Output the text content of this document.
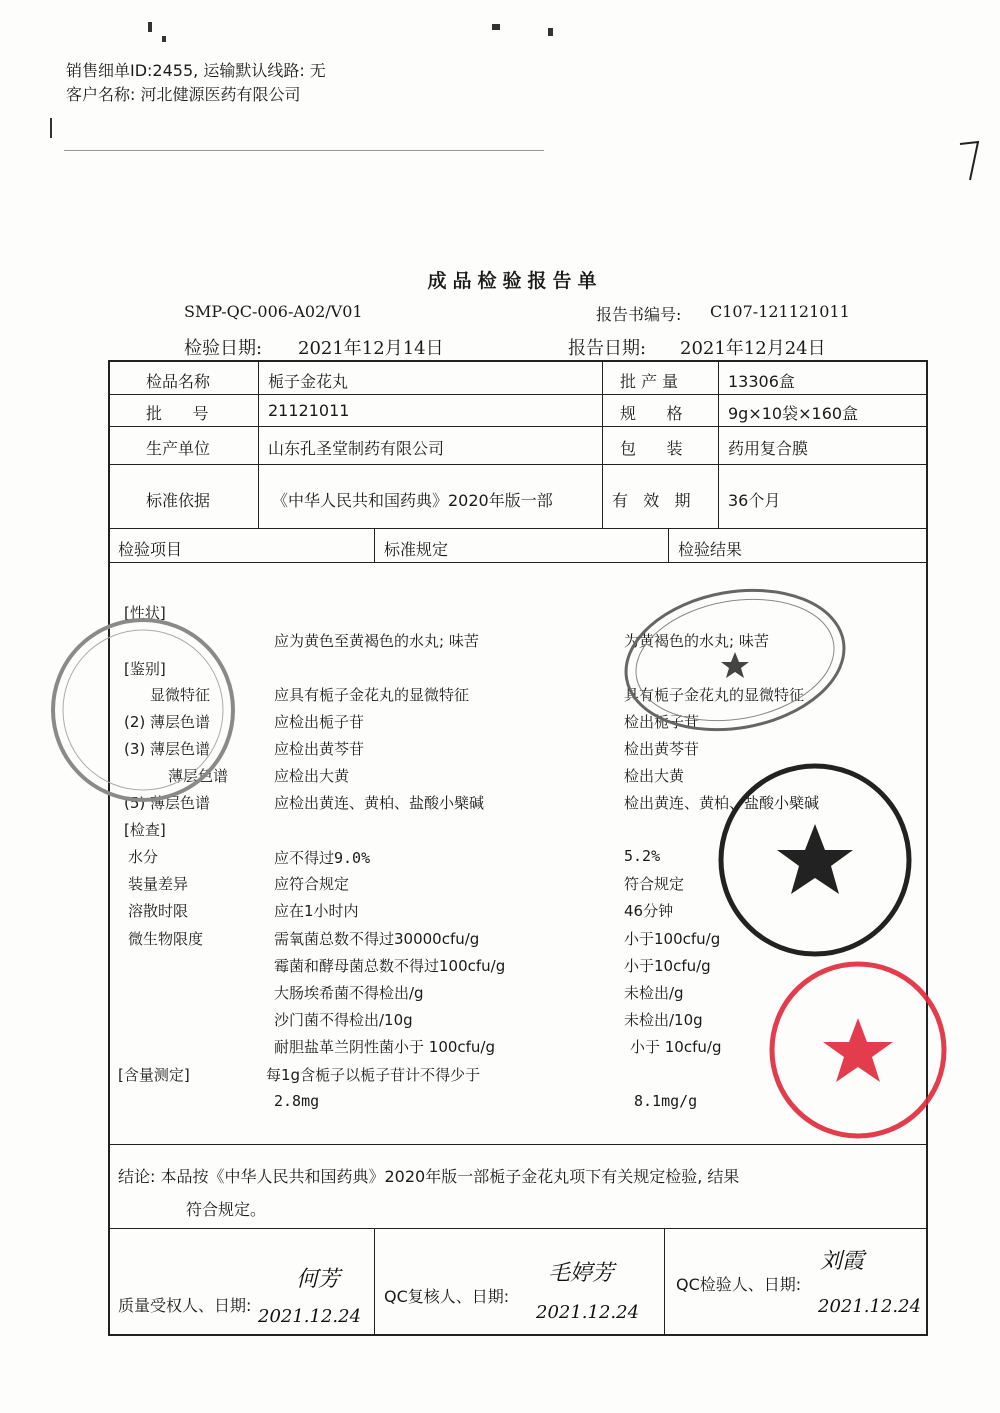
销售细单ID:2455, 运输默认线路: 无
客户名称: 河北健源医药有限公司
成品检验报告单
SMP-QC-006-A02/V01	报告书编号: C107-121121011
检验日期: 2021年12月14日	报告日期: 2021年12月24日
检品名称	栀子金花丸	批 产 量	13306盒
批      号	21121011	规      格	9g×10袋×160盒
生产单位	山东孔圣堂制药有限公司	包      装	药用复合膜
标准依据	《中华人民共和国药典》2020年版一部	有   效   期 36个月
检验项目	标准规定	检验结果
[性状]
应为黄色至黄褐色的水丸; 味苦	为黄褐色的水丸; 味苦
[鉴别]
显微特征	应具有栀子金花丸的显微特征	具有栀子金花丸的显微特征
(2) 薄层色谱	应检出栀子苷	检出栀子苷
(3) 薄层色谱	应检出黄芩苷	检出黄芩苷
薄层色谱	应检出大黄	检出大黄
(5) 薄层色谱	应检出黄连、黄柏、盐酸小檗碱	检出黄连、黄柏、盐酸小檗碱
[检查]
水分	应不得过9.0%	5.2%
装量差异	应符合规定	符合规定
溶散时限	应在1小时内	46分钟
微生物限度	需氧菌总数不得过30000cfu/g	小于100cfu/g
霉菌和酵母菌总数不得过100cfu/g	小于10cfu/g
大肠埃希菌不得检出/g	未检出/g
沙门菌不得检出/10g	未检出/10g
耐胆盐革兰阴性菌小于 100cfu/g	小于 10cfu/g
[含量测定]	每1g含栀子以栀子苷计不得少于
2.8mg	8.1mg/g
结论: 本品按《中华人民共和国药典》2020年版一部栀子金花丸项下有关规定检验, 结果
符合规定。
质量受权人、日期:
何芳
2021.12.24
QC复核人、日期:
毛婷芳
2021.12.24
QC检验人、日期:
刘霞
2021.12.24
